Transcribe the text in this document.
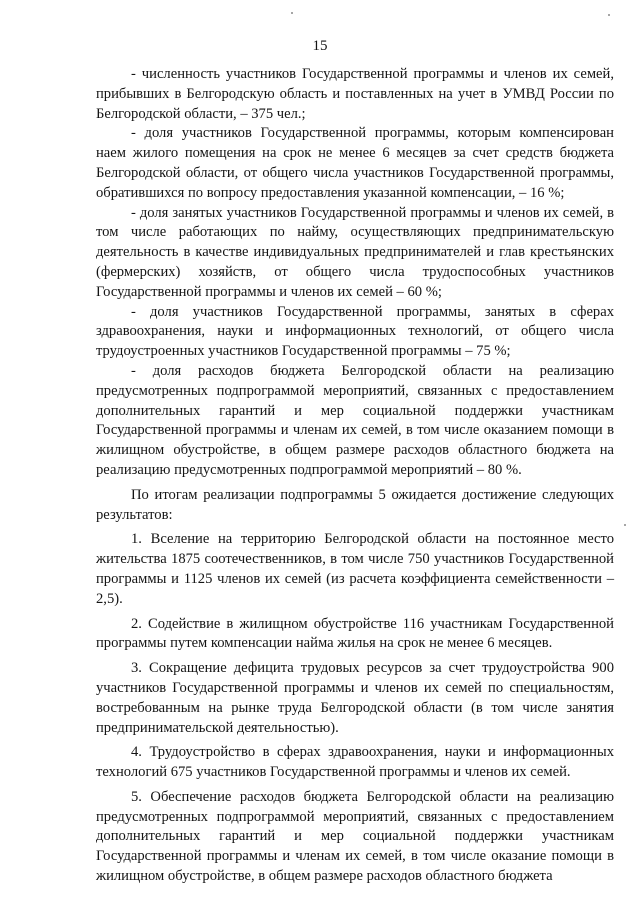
15

- численность участников Государственной программы и членов их семей, прибывших в Белгородскую область и поставленных на учет в УМВД России по Белгородской области, – 375 чел.;

- доля участников Государственной программы, которым компенсирован наем жилого помещения на срок не менее 6 месяцев за счет средств бюджета Белгородской области, от общего числа участников Государственной программы, обратившихся по вопросу предоставления указанной компенсации, – 16 %;

- доля занятых участников Государственной программы и членов их семей, в том числе работающих по найму, осуществляющих предпринимательскую деятельность в качестве индивидуальных предпринимателей и глав крестьянских (фермерских) хозяйств, от общего числа трудоспособных участников Государственной программы и членов их семей – 60 %;

- доля участников Государственной программы, занятых в сферах здравоохранения, науки и информационных технологий, от общего числа трудоустроенных участников Государственной программы – 75 %;

- доля расходов бюджета Белгородской области на реализацию предусмотренных подпрограммой мероприятий, связанных с предоставлением дополнительных гарантий и мер социальной поддержки участникам Государственной программы и членам их семей, в том числе оказанием помощи в жилищном обустройстве, в общем размере расходов областного бюджета на реализацию предусмотренных подпрограммой мероприятий – 80 %.

По итогам реализации подпрограммы 5 ожидается достижение следующих результатов:

1. Вселение на территорию Белгородской области на постоянное место жительства 1875 соотечественников, в том числе 750 участников Государственной программы и 1125 членов их семей (из расчета коэффициента семейственности – 2,5).

2. Содействие в жилищном обустройстве 116 участникам Государственной программы путем компенсации найма жилья на срок не менее 6 месяцев.

3. Сокращение дефицита трудовых ресурсов за счет трудоустройства 900 участников Государственной программы и членов их семей по специальностям, востребованным на рынке труда Белгородской области (в том числе занятия предпринимательской деятельностью).

4. Трудоустройство в сферах здравоохранения, науки и информационных технологий 675 участников Государственной программы и членов их семей.

5. Обеспечение расходов бюджета Белгородской области на реализацию предусмотренных подпрограммой мероприятий, связанных с предоставлением дополнительных гарантий и мер социальной поддержки участникам Государственной программы и членам их семей, в том числе оказание помощи в жилищном обустройстве, в общем размере расходов областного бюджета
